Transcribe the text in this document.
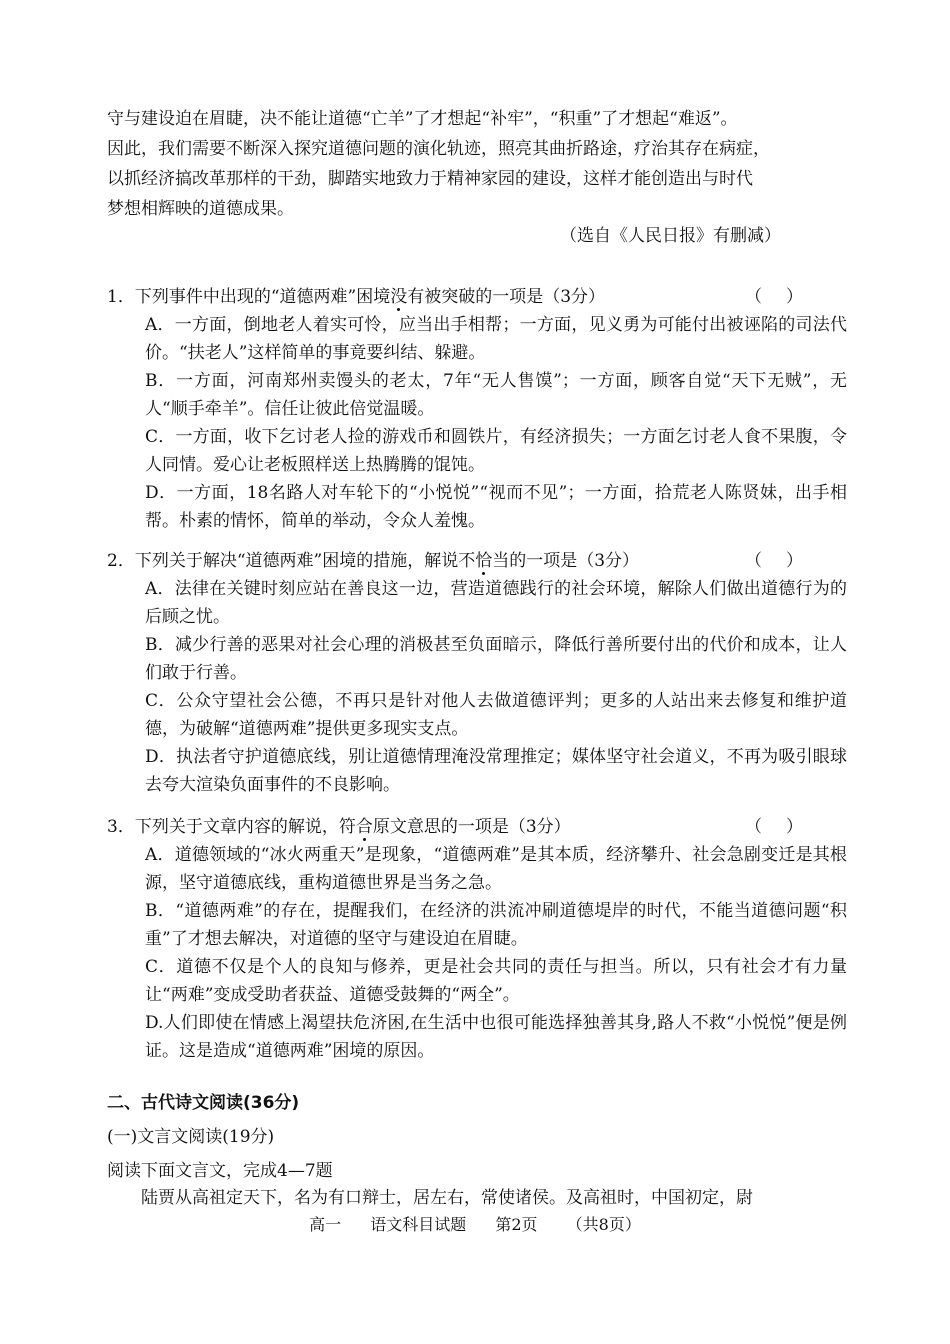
守与建设迫在眉睫，决不能让道德“亡羊”了才想起“补牢”，“积重”了才想起“难返”。

因此，我们需要不断深入探究道德问题的演化轨迹，照亮其曲折路途，疗治其存在病症，

以抓经济搞改革那样的干劲，脚踏实地致力于精神家园的建设，这样才能创造出与时代

梦想相辉映的道德成果。

（选自《人民日报》有删减）
1．下列事件中出现的“道德两难”困境没有被突破的一项是（3分）	（）

A．一方面，倒地老人着实可怜，应当出手相帮；一方面，见义勇为可能付出被诬陷的司法代价。“扶老人”这样简单的事竟要纠结、躲避。

B．一方面，河南郑州卖馒头的老太，7年“无人售馍”；一方面，顾客自觉“天下无贼”，无人“顺手牵羊”。信任让彼此倍觉温暖。

C．一方面，收下乞讨老人捡的游戏币和圆铁片，有经济损失；一方面乞讨老人食不果腹，令人同情。爱心让老板照样送上热腾腾的馄饨。

D．一方面，18名路人对车轮下的“小悦悦”“视而不见”；一方面，拾荒老人陈贤妹，出手相帮。朴素的情怀，简单的举动，令众人羞愧。

2．下列关于解决“道德两难”困境的措施，解说不恰当的一项是（3分）	（）

A．法律在关键时刻应站在善良这一边，营造道德践行的社会环境，解除人们做出道德行为的后顾之忧。

B．减少行善的恶果对社会心理的消极甚至负面暗示，降低行善所要付出的代价和成本，让人们敢于行善。

C．公众守望社会公德，不再只是针对他人去做道德评判；更多的人站出来去修复和维护道德，为破解“道德两难”提供更多现实支点。

D．执法者守护道德底线，别让道德情理淹没常理推定；媒体坚守社会道义，不再为吸引眼球去夸大渲染负面事件的不良影响。

3．下列关于文章内容的解说，符合原文意思的一项是（3分）	（）

A．道德领域的“冰火两重天”是现象，“道德两难”是其本质，经济攀升、社会急剧变迁是其根源，坚守道德底线，重构道德世界是当务之急。

B．“道德两难”的存在，提醒我们，在经济的洪流冲刷道德堤岸的时代，不能当道德问题“积重”了才想去解决，对道德的坚守与建设迫在眉睫。

C．道德不仅是个人的良知与修养，更是社会共同的责任与担当。所以，只有社会才有力量让“两难”变成受助者获益、道德受鼓舞的“两全”。

D.人们即使在情感上渴望扶危济困,在生活中也很可能选择独善其身,路人不救“小悦悦”便是例证。这是造成“道德两难”困境的原因。

二、古代诗文阅读(36分)
(一)文言文阅读(19分)
阅读下面文言文，完成4—7题
陆贾从高祖定天下，名为有口辩士，居左右，常使诸侯。及高祖时，中国初定，尉
高一 语文科目试题 第2页 （共8页）
